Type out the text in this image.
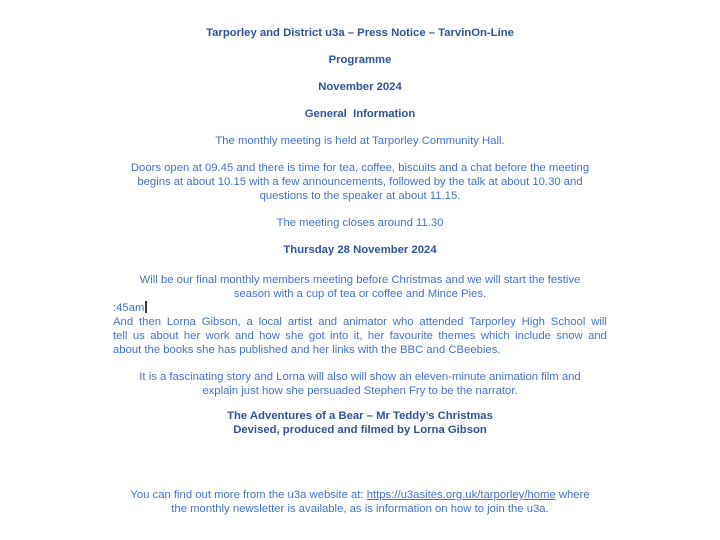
Tarporley and District u3a – Press Notice – TarvinOn-Line
Programme
November 2024
General  Information
The monthly meeting is held at Tarporley Community Hall.
Doors open at 09.45 and there is time for tea, coffee, biscuits and a chat before the meeting
begins at about 10.15 with a few announcements, followed by the talk at about 10.30 and
questions to the speaker at about 11.15.
The meeting closes around 11.30
Thursday 28 November 2024
Will be our final monthly members meeting before Christmas and we will start the festive
season with a cup of tea or coffee and Mince Pies.
:45am
And then Lorna Gibson, a local artist and animator who attended Tarporley High School will
tell us about her work and how she got into it, her favourite themes which include snow and
about the books she has published and her links with the BBC and CBeebies.
It is a fascinating story and Lorna will also will show an eleven-minute animation film and
explain just how she persuaded Stephen Fry to be the narrator.
The Adventures of a Bear – Mr Teddy’s Christmas
Devised, produced and filmed by Lorna Gibson
You can find out more from the u3a website at: https://u3asites.org.uk/tarporley/home where
the monthly newsletter is available, as is information on how to join the u3a.
